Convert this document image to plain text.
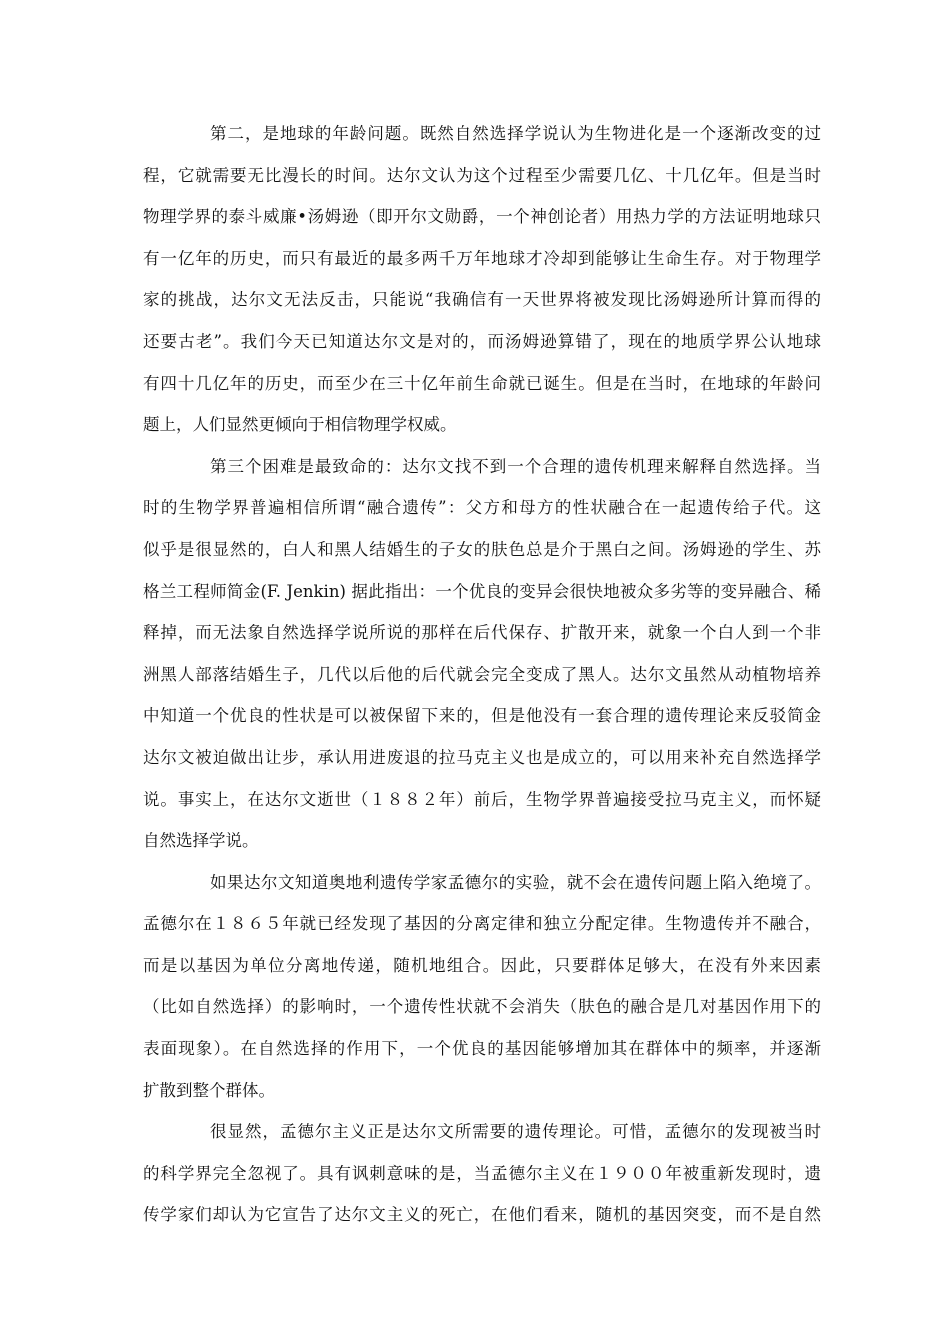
第二，是地球的年龄问题。既然自然选择学说认为生物进化是一个逐渐改变的过
程，它就需要无比漫长的时间。达尔文认为这个过程至少需要几亿、十几亿年。但是当时
物理学界的泰斗威廉•汤姆逊（即开尔文勋爵，一个神创论者）用热力学的方法证明地球只
有一亿年的历史，而只有最近的最多两千万年地球才冷却到能够让生命生存。对于物理学
家的挑战，达尔文无法反击，只能说“我确信有一天世界将被发现比汤姆逊所计算而得的
还要古老”。我们今天已知道达尔文是对的，而汤姆逊算错了，现在的地质学界公认地球
有四十几亿年的历史，而至少在三十亿年前生命就已诞生。但是在当时，在地球的年龄问
题上，人们显然更倾向于相信物理学权威。
第三个困难是最致命的：达尔文找不到一个合理的遗传机理来解释自然选择。当
时的生物学界普遍相信所谓“融合遗传”：父方和母方的性状融合在一起遗传给子代。这
似乎是很显然的，白人和黑人结婚生的子女的肤色总是介于黑白之间。汤姆逊的学生、苏
格兰工程师简金(F. Jenkin) 据此指出：一个优良的变异会很快地被众多劣等的变异融合、稀
释掉，而无法象自然选择学说所说的那样在后代保存、扩散开来，就象一个白人到一个非
洲黑人部落结婚生子，几代以后他的后代就会完全变成了黑人。达尔文虽然从动植物培养
中知道一个优良的性状是可以被保留下来的，但是他没有一套合理的遗传理论来反驳简金
达尔文被迫做出让步，承认用进废退的拉马克主义也是成立的，可以用来补充自然选择学
说。事实上，在达尔文逝世（１８８２年）前后，生物学界普遍接受拉马克主义，而怀疑
自然选择学说。
如果达尔文知道奥地利遗传学家孟德尔的实验，就不会在遗传问题上陷入绝境了。
孟德尔在１８６５年就已经发现了基因的分离定律和独立分配定律。生物遗传并不融合，
而是以基因为单位分离地传递，随机地组合。因此，只要群体足够大，在没有外来因素
（比如自然选择）的影响时，一个遗传性状就不会消失（肤色的融合是几对基因作用下的
表面现象）。在自然选择的作用下，一个优良的基因能够增加其在群体中的频率，并逐渐
扩散到整个群体。
很显然，孟德尔主义正是达尔文所需要的遗传理论。可惜，孟德尔的发现被当时
的科学界完全忽视了。具有讽刺意味的是，当孟德尔主义在１９００年被重新发现时，遗
传学家们却认为它宣告了达尔文主义的死亡，在他们看来，随机的基因突变，而不是自然
